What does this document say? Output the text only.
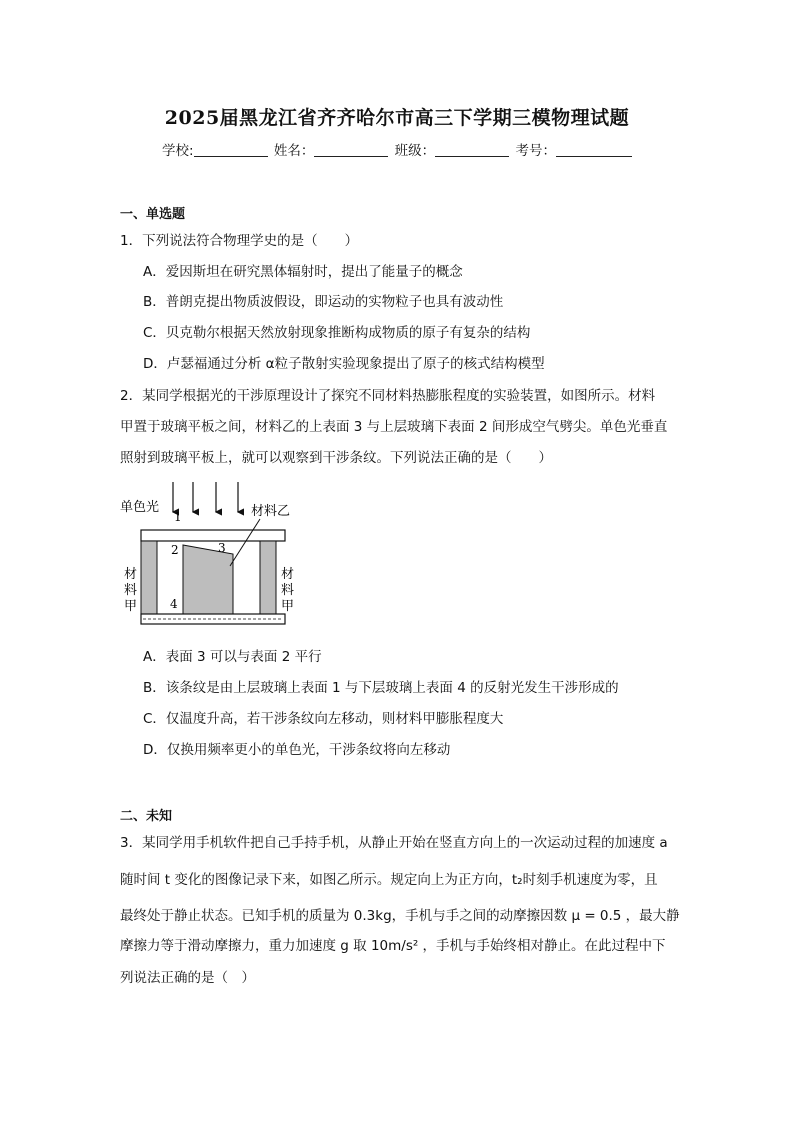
2025届黑龙江省齐齐哈尔市高三下学期三模物理试题
学校:	姓名：	班级：	考号：
一、单选题
1．下列说法符合物理学史的是（　　）
A．爱因斯坦在研究黑体辐射时，提出了能量子的概念
B．普朗克提出物质波假设，即运动的实物粒子也具有波动性
C．贝克勒尔根据天然放射现象推断构成物质的原子有复杂的结构
D．卢瑟福通过分析 α粒子散射实验现象提出了原子的核式结构模型
2．某同学根据光的干涉原理设计了探究不同材料热膨胀程度的实验装置，如图所示。材料
甲置于玻璃平板之间，材料乙的上表面 3 与上层玻璃下表面 2 间形成空气劈尖。单色光垂直
照射到玻璃平板上，就可以观察到干涉条纹。下列说法正确的是（　　）
单色光	材料乙
1
2	3
4
材
料
甲
材
料
甲
A．表面 3 可以与表面 2 平行
B．该条纹是由上层玻璃上表面 1 与下层玻璃上表面 4 的反射光发生干涉形成的
C．仅温度升高，若干涉条纹向左移动，则材料甲膨胀程度大
D．仅换用频率更小的单色光，干涉条纹将向左移动
二、未知
3．某同学用手机软件把自己手持手机，从静止开始在竖直方向上的一次运动过程的加速度 a
随时间 t 变化的图像记录下来，如图乙所示。规定向上为正方向，t₂时刻手机速度为零，且
最终处于静止状态。已知手机的质量为 0.3kg，手机与手之间的动摩擦因数 μ = 0.5 ，最大静
摩擦力等于滑动摩擦力，重力加速度 g 取 10m/s² ，手机与手始终相对静止。在此过程中下
列说法正确的是（　）
